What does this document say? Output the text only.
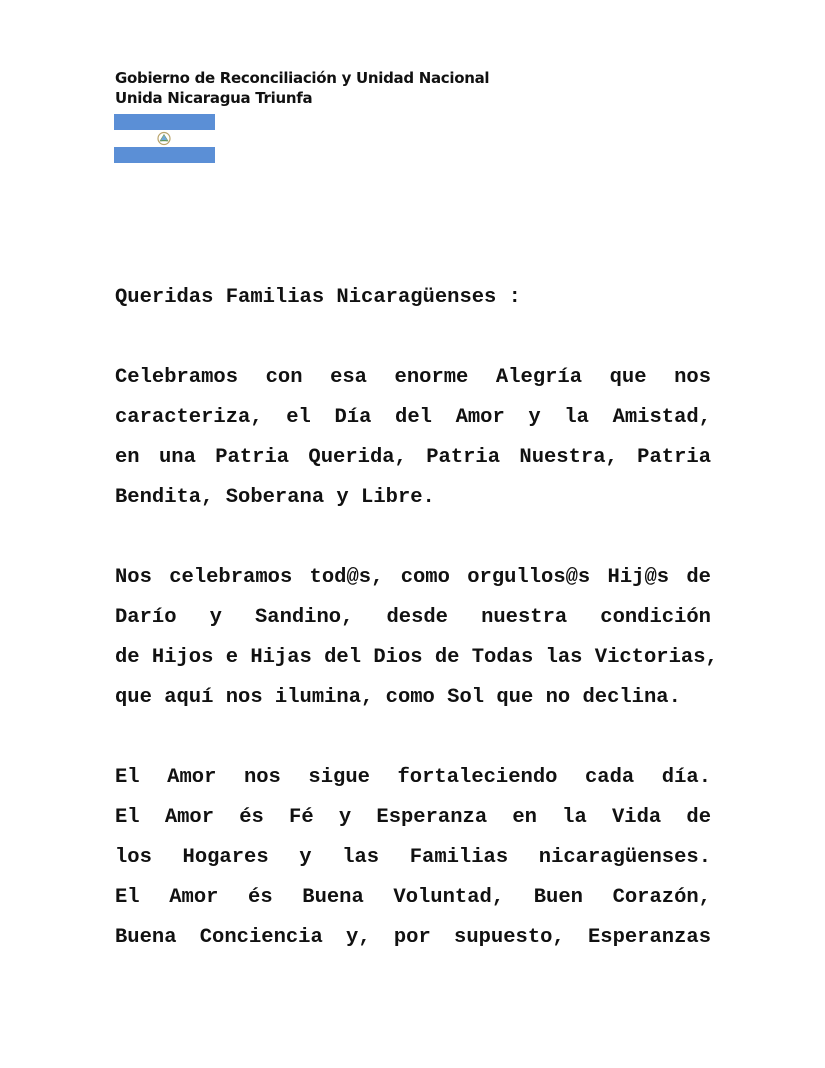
Gobierno de Reconciliación y Unidad Nacional
Unida Nicaragua Triunfa
Queridas Familias Nicaragüenses :
Celebramos con esa enorme Alegría que nos
caracteriza, el Día del Amor y la Amistad,
en una Patria Querida, Patria Nuestra, Patria
Bendita, Soberana y Libre.
Nos celebramos tod@s, como orgullos@s Hij@s de
Darío y Sandino, desde nuestra condición
de Hijos e Hijas del Dios de Todas las Victorias,
que aquí nos ilumina, como Sol que no declina.
El Amor nos sigue fortaleciendo cada día.
El Amor és Fé y Esperanza en la Vida de
los Hogares y las Familias nicaragüenses.
El Amor és Buena Voluntad, Buen Corazón,
Buena Conciencia y, por supuesto, Esperanzas
